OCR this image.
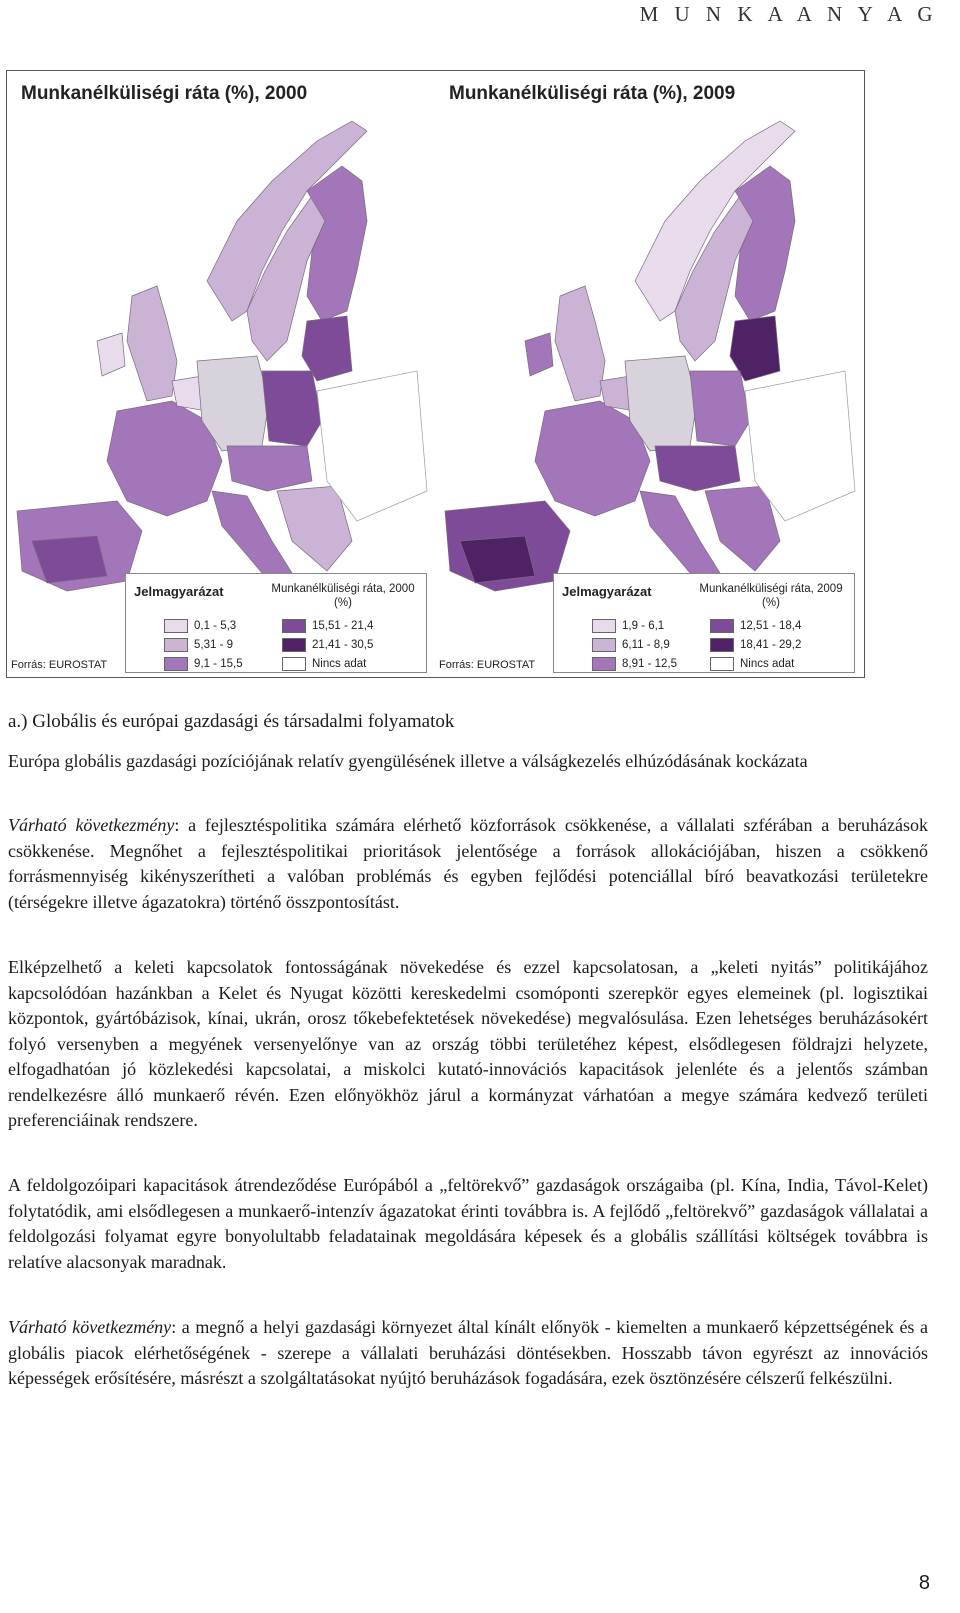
M U N K A A N Y A G
Munkanélküliségi ráta (%), 2000
Jelmagyarázat	Munkanélküliségi ráta, 2000 (%)
0,1 - 5,3
5,31 - 9
9,1 - 15,5
15,51 - 21,4
21,41 - 30,5
Nincs adat
Forrás: EUROSTAT
Munkanélküliségi ráta (%), 2009
Jelmagyarázat	Munkanélküliségi ráta, 2009 (%)
1,9 - 6,1
6,11 - 8,9
8,91 - 12,5
12,51 - 18,4
18,41 - 29,2
Nincs adat
Forrás: EUROSTAT
a.) Globális és európai gazdasági és társadalmi folyamatok

Európa globális gazdasági pozíciójának relatív gyengülésének illetve a válságkezelés elhúzódásának kockázata

Várható következmény: a fejlesztéspolitika számára elérhető közforrások csökkenése, a vállalati szférában a beruházások csökkenése. Megnőhet a fejlesztéspolitikai prioritások jelentősége a források allokációjában, hiszen a csökkenő forrásmennyiség kikényszerítheti a valóban problémás és egyben fejlődési potenciállal bíró beavatkozási területekre (térségekre illetve ágazatokra) történő összpontosítást.

Elképzelhető a keleti kapcsolatok fontosságának növekedése és ezzel kapcsolatosan, a „keleti nyitás” politikájához kapcsolódóan hazánkban a Kelet és Nyugat közötti kereskedelmi csomóponti szerepkör egyes elemeinek (pl. logisztikai központok, gyártóbázisok, kínai, ukrán, orosz tőkebefektetések növekedése) megvalósulása. Ezen lehetséges beruházásokért folyó versenyben a megyének versenyelőnye van az ország többi területéhez képest, elsődlegesen földrajzi helyzete, elfogadhatóan jó közlekedési kapcsolatai, a miskolci kutató-innovációs kapacitások jelenléte és a jelentős számban rendelkezésre álló munkaerő révén. Ezen előnyökhöz járul a kormányzat várhatóan a megye számára kedvező területi preferenciáinak rendszere.

A feldolgozóipari kapacitások átrendeződése Európából a „feltörekvő” gazdaságok országaiba (pl. Kína, India, Távol-Kelet) folytatódik, ami elsődlegesen a munkaerő-intenzív ágazatokat érinti továbbra is. A fejlődő „feltörekvő” gazdaságok vállalatai a feldolgozási folyamat egyre bonyolultabb feladatainak megoldására képesek és a globális szállítási költségek továbbra is relatíve alacsonyak maradnak.

Várható következmény: a megnő a helyi gazdasági környezet által kínált előnyök - kiemelten a munkaerő képzettségének és a globális piacok elérhetőségének - szerepe a vállalati beruházási döntésekben. Hosszabb távon egyrészt az innovációs képességek erősítésére, másrészt a szolgáltatásokat nyújtó beruházások fogadására, ezek ösztönzésére célszerű felkészülni.

8
